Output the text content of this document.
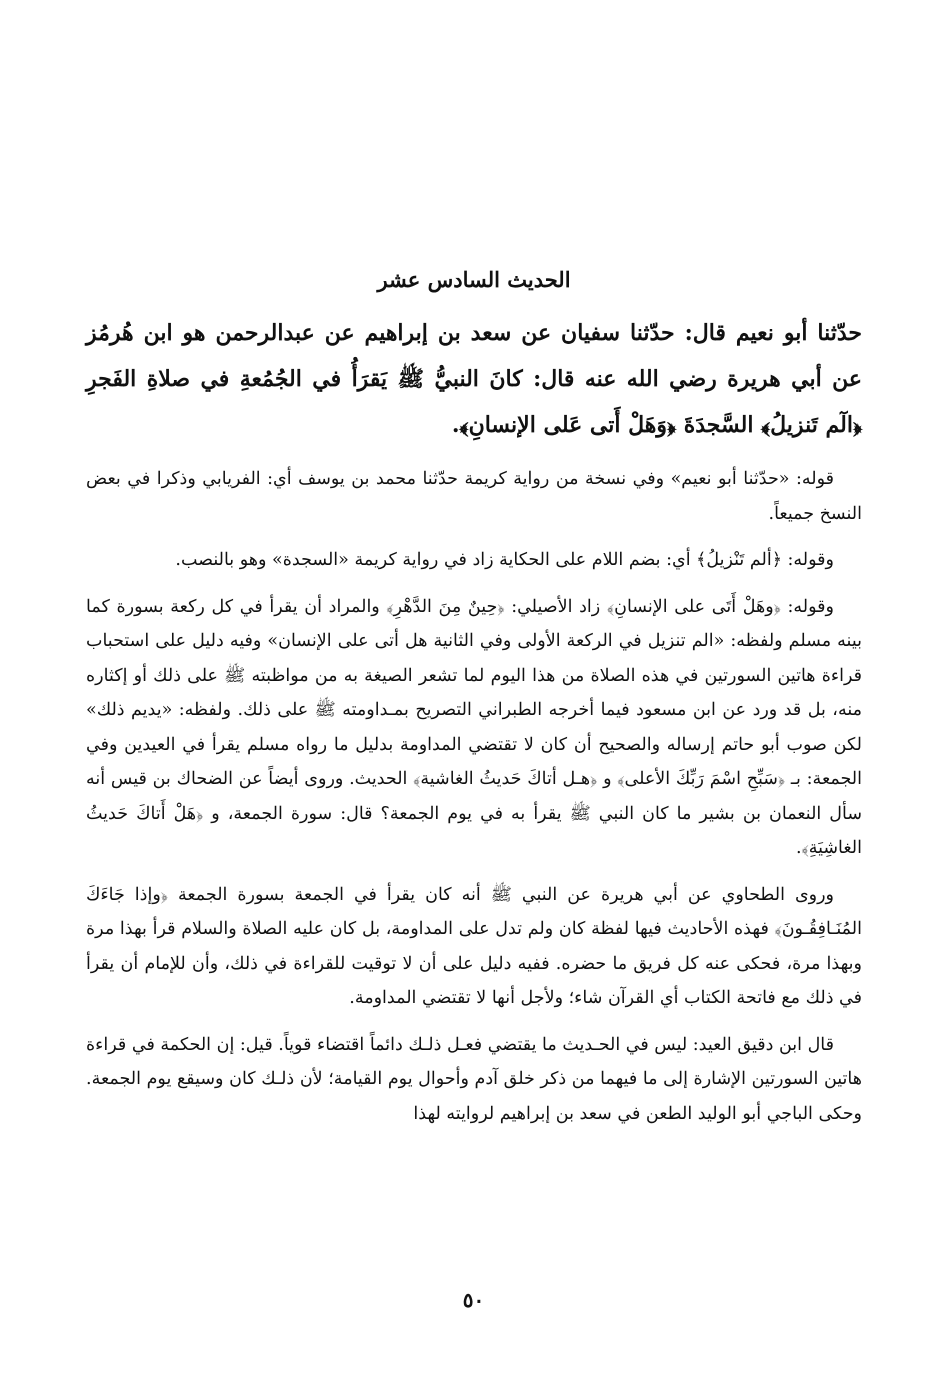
الحديث السادس عشر
حدّثنا أبو نعيم قال: حدّثنا سفيان عن سعد بن إبراهيم عن عبدالرحمن هو ابن هُرمُز عن أبي هريرة رضي الله عنه قال: كانَ النبيُّ ﷺ يَقرَأُ في الجُمُعةِ في صلاةِ الفَجرِ ﴿الٓم تَنزيلُ﴾ السَّجدَةَ ﴿وَهَلْ أَتى عَلى الإنسانِ﴾.

قوله: «حدّثنا أبو نعيم» وفي نسخة من رواية كريمة حدّثنا محمد بن يوسف أي: الفريابي وذكرا في بعض النسخ جميعاً.

وقوله: ﴿ألم تَنْزيلُ﴾ أي: بضم اللام على الحكاية زاد في رواية كريمة «السجدة» وهو بالنصب.

وقوله: ﴿وهَلْ أَتَى على الإنسانِ﴾ زاد الأصيلي: ﴿حِينٌ مِنَ الدَّهْرِ﴾ والمراد أن يقرأ في كل ركعة بسورة كما بينه مسلم ولفظه: «الم تنزيل في الركعة الأولى وفي الثانية هل أتى على الإنسان» وفيه دليل على استحباب قراءة هاتين السورتين في هذه الصلاة من هذا اليوم لما تشعر الصيغة به من مواظبته ﷺ على ذلك أو إكثاره منه، بل قد ورد عن ابن مسعود فيما أخرجه الطبراني التصريح بمـداومته ﷺ على ذلك. ولفظه: «يديم ذلك» لكن صوب أبو حاتم إرساله والصحيح أن كان لا تقتضي المداومة بدليل ما رواه مسلم يقرأ في العيدين وفي الجمعة: بـ ﴿سَبِّحِ اسْمَ رَبِّكَ الأعلى﴾ و ﴿هـل أتاكَ حَديثُ الغاشية﴾ الحديث. وروى أيضاً عن الضحاك بن قيس أنه سأل النعمان بن بشير ما كان النبي ﷺ يقرأ به في يوم الجمعة؟ قال: سورة الجمعة، و ﴿هَلْ أَتاكَ حَديثُ الغاشِيَةِ﴾.

وروى الطحاوي عن أبي هريرة عن النبي ﷺ أنه كان يقرأ في الجمعة بسورة الجمعة ﴿وإذا جَاءَكَ المُنَـافِقُـونَ﴾ فهذه الأحاديث فيها لفظة كان ولم تدل على المداومة، بل كان عليه الصلاة والسلام قرأ بهذا مرة وبهذا مرة، فحكى عنه كل فريق ما حضره. ففيه دليل على أن لا توقيت للقراءة في ذلك، وأن للإمام أن يقرأ في ذلك مع فاتحة الكتاب أي القرآن شاء؛ ولأجل أنها لا تقتضي المداومة.

قال ابن دقيق العيد: ليس في الحـديث ما يقتضي فعـل ذلـك دائماً اقتضاء قوياً. قيل: إن الحكمة في قراءة هاتين السورتين الإشارة إلى ما فيهما من ذكر خلق آدم وأحوال يوم القيامة؛ لأن ذلـك كان وسيقع يوم الجمعة. وحكى الباجي أبو الوليد الطعن في سعد بن إبراهيم لروايته لهذا

٥٠
